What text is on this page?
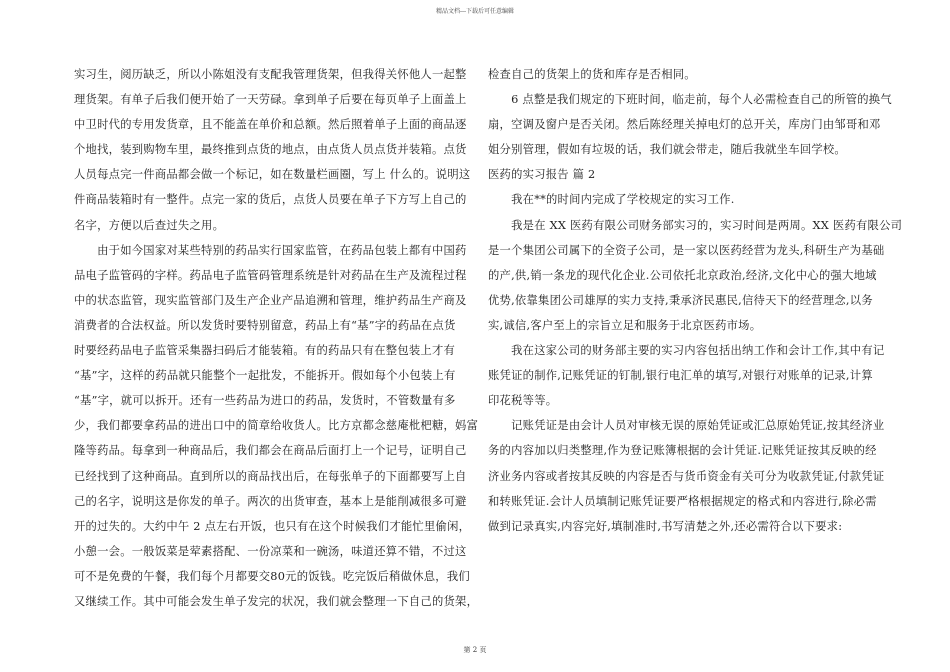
精品文档---下载后可任意编辑
实习生，阅历缺乏，所以小陈姐没有支配我管理货架，但我得关怀他人一起整
理货架。有单子后我们便开始了一天劳碌。拿到单子后要在每页单子上面盖上
中卫时代的专用发货章，且不能盖在单价和总额。然后照着单子上面的商品逐
个地找，装到购物车里，最终推到点货的地点，由点货人员点货并装箱。点货
人员每点完一件商品都会做一个标记，如在数量栏画圈，写上 什么的。说明这
件商品装箱时有一整件。点完一家的货后，点货人员要在单子下方写上自己的
名字，方便以后查过失之用。
　　由于如今国家对某些特别的药品实行国家监管，在药品包装上都有中国药
品电子监管码的字样。药品电子监管码管理系统是针对药品在生产及流程过程
中的状态监管，现实监管部门及生产企业产品追溯和管理，维护药品生产商及
消费者的合法权益。所以发货时要特别留意，药品上有“基”字的药品在点货
时要经药品电子监管采集器扫码后才能装箱。有的药品只有在整包装上才有
“基”字，这样的药品就只能整个一起批发，不能拆开。假如每个小包装上有
“基”字，就可以拆开。还有一些药品为进口的药品，发货时，不管数量有多
少，我们都要拿药品的进出口中的简章给收货人。比方京都念慈庵枇杷糖，妈富
隆等药品。每拿到一种商品后，我们都会在商品后面打上一个记号，证明自己
已经找到了这种商品。直到所以的商品找出后，在每张单子的下面都要写上自
己的名字，说明这是你发的单子。两次的出货审查，基本上是能削减很多可避
开的过失的。大约中午 2 点左右开饭，也只有在这个时候我们才能忙里偷闲，
小憩一会。一般饭菜是荤素搭配、一份凉菜和一碗汤，味道还算不错，不过这
可不是免费的午餐，我们每个月都要交80元的饭钱。吃完饭后稍做休息，我们
又继续工作。其中可能会发生单子发完的状况，我们就会整理一下自己的货架，
检查自己的货架上的货和库存是否相同。
　　6 点整是我们规定的下班时间，临走前，每个人必需检查自己的所管的换气
扇，空调及窗户是否关闭。然后陈经理关掉电灯的总开关，库房门由邹哥和邓
姐分别管理，假如有垃圾的话，我们就会带走，随后我就坐车回学校。
医药的实习报告 篇 2
　　我在**的时间内完成了学校规定的实习工作.
　　我是在 XX 医药有限公司财务部实习的，实习时间是两周。XX 医药有限公司
是一个集团公司属下的全资子公司，是一家以医药经营为龙头,科研生产为基础
的产,供,销一条龙的现代化企业.公司依托北京政治,经济,文化中心的强大地域
优势,依靠集团公司雄厚的实力支持,秉承济民惠民,信待天下的经营理念,以务
实,诚信,客户至上的宗旨立足和服务于北京医药市场。
　　我在这家公司的财务部主要的实习内容包括出纳工作和会计工作,其中有记
账凭证的制作,记账凭证的钉制,银行电汇单的填写,对银行对账单的记录,计算
印花税等等。
　　记账凭证是由会计人员对审核无误的原始凭证或汇总原始凭证,按其经济业
务的内容加以归类整理,作为登记账簿根据的会计凭证.记账凭证按其反映的经
济业务内容或者按其反映的内容是否与货币资金有关可分为收款凭证,付款凭证
和转账凭证.会计人员填制记账凭证要严格根据规定的格式和内容进行,除必需
做到记录真实,内容完好,填制准时,书写清楚之外,还必需符合以下要求:
第 2 页
